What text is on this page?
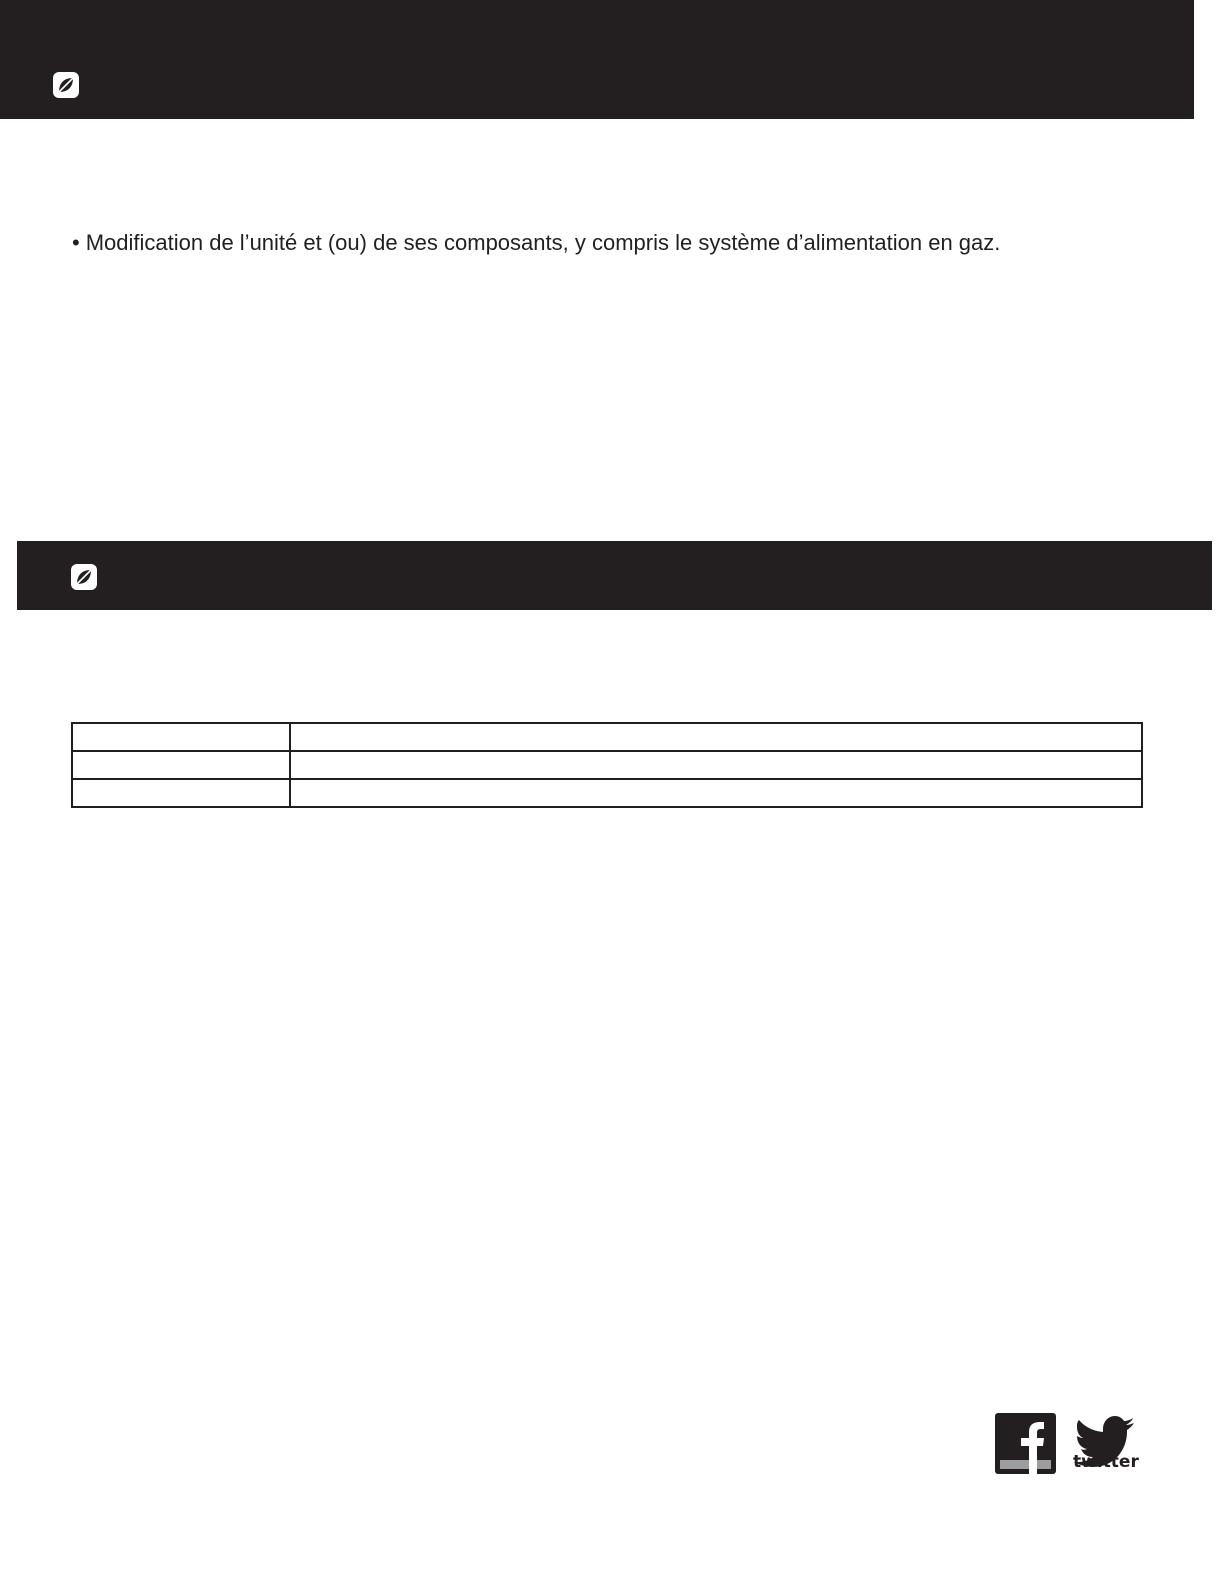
• Modification de l’unité et (ou) de ses composants, y compris le système d’alimentation en gaz.

twitter
